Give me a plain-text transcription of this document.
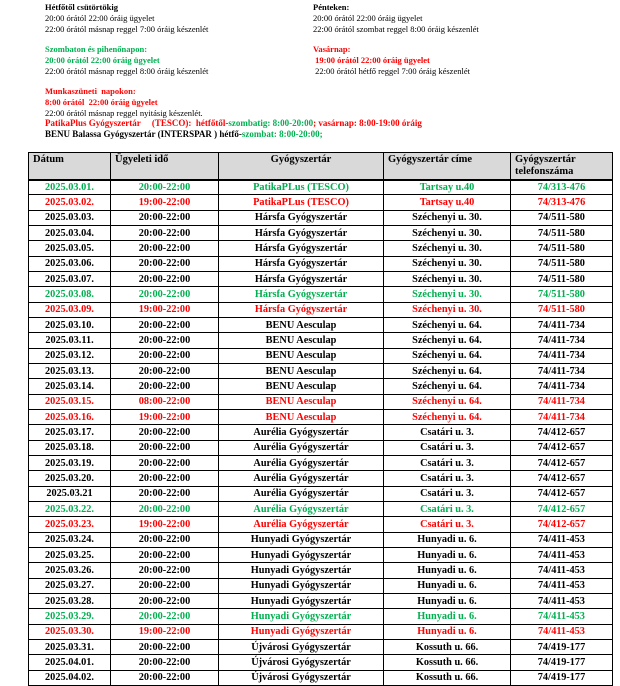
Hétfőtől csütörtökig
20:00 órától 22:00 óráig ügyelet
22:00 órától másnap reggel 7:00 óráig készenlét
Szombaton és pihenőnapon:
20:00 órától 22:00 óráig ügyelet
22:00 órától másnap reggel 8:00 óráig készenlét
Munkaszüneti  napokon:
8:00 órától  22:00 óráig ügyelet
22:00 órától másnap reggel nyitásig készenlét.
Pénteken:
20:00 órától 22:00 óráig ügyelet
22:00 órától szombat reggel 8:00 óráig készenlét
Vasárnap:
19:00 órától 22:00 óráig ügyelet
22:00 órától hétfő reggel 7:00 óráig készenlét
PatikaPlus Gyógyszertár     (TESCO):  hétfőtől-szombatig: 8:00-20:00; vasárnap: 8:00-19:00 óráig
BENU Balassa Gyógyszertár (INTERSPAR ) hétfő-szombat: 8:00-20:00;
Dátum	Ügyeleti idő	Gyógyszertár	Gyógyszertár címe	Gyógyszertár telefonszáma
2025.03.01.	20:00-22:00	PatikaPLus (TESCO)	Tartsay u.40	74/313-476
2025.03.02.	19:00-22:00	PatikaPLus (TESCO)	Tartsay u.40	74/313-476
2025.03.03.	20:00-22:00	Hársfa Gyógyszertár	Széchenyi u. 30.	74/511-580
2025.03.04.	20:00-22:00	Hársfa Gyógyszertár	Széchenyi u. 30.	74/511-580
2025.03.05.	20:00-22:00	Hársfa Gyógyszertár	Széchenyi u. 30.	74/511-580
2025.03.06.	20:00-22:00	Hársfa Gyógyszertár	Széchenyi u. 30.	74/511-580
2025.03.07.	20:00-22:00	Hársfa Gyógyszertár	Széchenyi u. 30.	74/511-580
2025.03.08.	20:00-22:00	Hársfa Gyógyszertár	Széchenyi u. 30.	74/511-580
2025.03.09.	19:00-22:00	Hársfa Gyógyszertár	Széchenyi u. 30.	74/511-580
2025.03.10.	20:00-22:00	BENU Aesculap	Széchenyi u. 64.	74/411-734
2025.03.11.	20:00-22:00	BENU Aesculap	Széchenyi u. 64.	74/411-734
2025.03.12.	20:00-22:00	BENU Aesculap	Széchenyi u. 64.	74/411-734
2025.03.13.	20:00-22:00	BENU Aesculap	Széchenyi u. 64.	74/411-734
2025.03.14.	20:00-22:00	BENU Aesculap	Széchenyi u. 64.	74/411-734
2025.03.15.	08:00-22:00	BENU Aesculap	Széchenyi u. 64.	74/411-734
2025.03.16.	19:00-22:00	BENU Aesculap	Széchenyi u. 64.	74/411-734
2025.03.17.	20:00-22:00	Aurélia Gyógyszertár	Csatári u. 3.	74/412-657
2025.03.18.	20:00-22:00	Aurélia Gyógyszertár	Csatári u. 3.	74/412-657
2025.03.19.	20:00-22:00	Aurélia Gyógyszertár	Csatári u. 3.	74/412-657
2025.03.20.	20:00-22:00	Aurélia Gyógyszertár	Csatári u. 3.	74/412-657
2025.03.21	20:00-22:00	Aurélia Gyógyszertár	Csatári u. 3.	74/412-657
2025.03.22.	20:00-22:00	Aurélia Gyógyszertár	Csatári u. 3.	74/412-657
2025.03.23.	19:00-22:00	Aurélia Gyógyszertár	Csatári u. 3.	74/412-657
2025.03.24.	20:00-22:00	Hunyadi Gyógyszertár	Hunyadi u. 6.	74/411-453
2025.03.25.	20:00-22:00	Hunyadi Gyógyszertár	Hunyadi u. 6.	74/411-453
2025.03.26.	20:00-22:00	Hunyadi Gyógyszertár	Hunyadi u. 6.	74/411-453
2025.03.27.	20:00-22:00	Hunyadi Gyógyszertár	Hunyadi u. 6.	74/411-453
2025.03.28.	20:00-22:00	Hunyadi Gyógyszertár	Hunyadi u. 6.	74/411-453
2025.03.29.	20:00-22:00	Hunyadi Gyógyszertár	Hunyadi u. 6.	74/411-453
2025.03.30.	19:00-22:00	Hunyadi Gyógyszertár	Hunyadi u. 6.	74/411-453
2025.03.31.	20:00-22:00	Újvárosi Gyógyszertár	Kossuth u. 66.	74/419-177
2025.04.01.	20:00-22:00	Újvárosi Gyógyszertár	Kossuth u. 66.	74/419-177
2025.04.02.	20:00-22:00	Újvárosi Gyógyszertár	Kossuth u. 66.	74/419-177
